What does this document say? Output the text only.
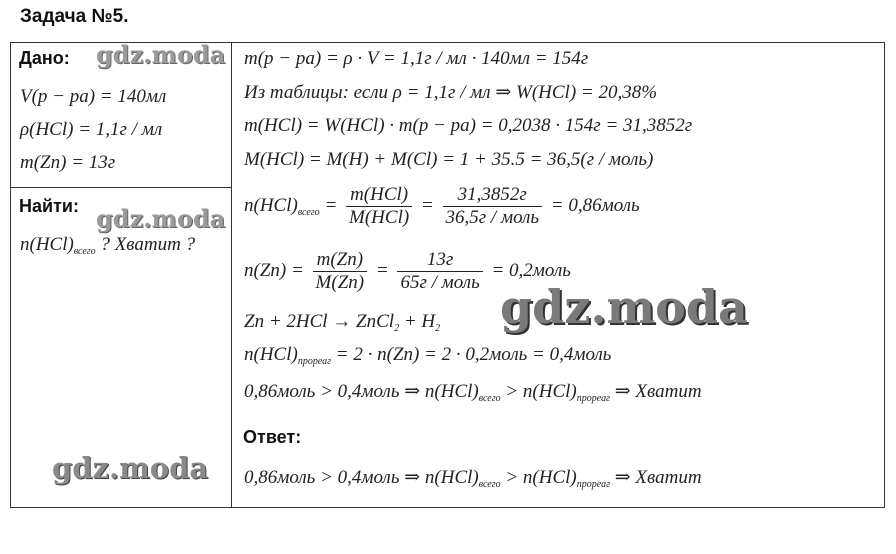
Задача №5.
Дано: gdz.moda
V(р − ра) = 140мл
ρ(HCl) = 1,1г / мл
m(Zn) = 13г
Найти: gdz.moda
$n(HCl)_{всего}$ ? Хватит ?
gdz.moda
m(р − ра) = ρ · V = 1,1г / мл · 140мл = 154г
Из таблицы: если ρ = 1,1г / мл ⇒ W(HCl) = 20,38%
m(HCl) = W(HCl) · m(р − ра) = 0,2038 · 154г = 31,3852г
M(HCl) = M(H) + M(Cl) = 1 + 35.5 = 36,5(г / моль)
$n(HCl)_{всего} = \frac{\text{m(HCl)}}{\text{M(HCl)}} = \frac{31,3852г}{\text{36,5г / моль}}$ = 0,86моль
$n(Zn) = \frac{m(Zn)}{M(Zn)} = \frac{13г}{\text{65г / моль}}$ = 0,2моль
gdz.moda
Zn + 2HCl → ZnCl$_2$ + $H_2$
$n(HCl)_{прореаг} = 2 \cdot n(Zn) = 2$ · 0,2моль = 0,4моль
0,86моль > 0,4моль ⇒ $n(HCl)_{всего} > n(HCl)_{прореаг}$ ⇒ Хватит
Ответ:
0,86моль > 0,4моль ⇒ $n(HCl)_{всего} > n(HCl)_{прореаг}$ ⇒ Хватит
